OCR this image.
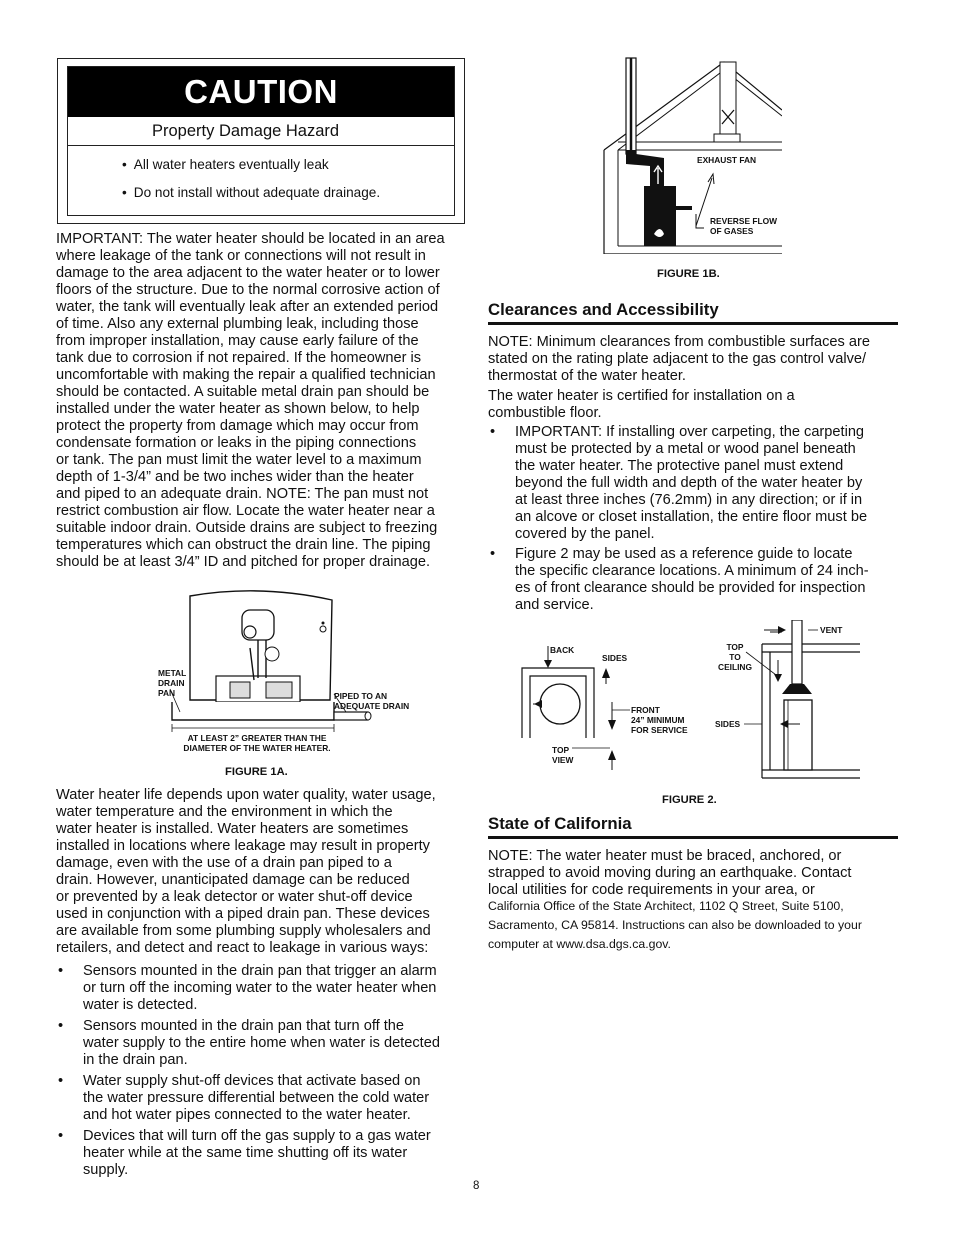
CAUTION
Property Damage Hazard
• All water heaters eventually leak
• Do not install without adequate drainage.
IMPORTANT: The water heater should be located in an area
where leakage of the tank or connections will not result in
damage to the area adjacent to the water heater or to lower
floors of the structure. Due to the normal corrosive action of
water, the tank will eventually leak after an extended period
of time. Also any external plumbing leak, including those
from improper installation, may cause early failure of the
tank due to corrosion if not repaired. If the homeowner is
uncomfortable with making the repair a qualified technician
should be contacted. A suitable metal drain pan should be
installed under the water heater as shown below, to help
protect the property from damage which may occur from
condensate formation or leaks in the piping connections
or tank. The pan must limit the water level to a maximum
depth of 1-3/4” and be two inches wider than the heater
and piped to an adequate drain. NOTE: The pan must not
restrict combustion air flow. Locate the water heater near a
suitable indoor drain. Outside drains are subject to freezing
temperatures which can obstruct the drain line. The piping
should be at least 3/4” ID and pitched for proper drainage.
METAL
DRAIN
PAN	PIPED TO AN
ADEQUATE DRAIN
AT LEAST 2” GREATER THAN THE
DIAMETER OF THE WATER HEATER.
FIGURE 1A.
Water heater life depends upon water quality, water usage,
water temperature and the environment in which the
water heater is installed. Water heaters are sometimes
installed in locations where leakage may result in property
damage, even with the use of a drain pan piped to a
drain. However, unanticipated damage can be reduced
or prevented by a leak detector or water shut-off device
used in conjunction with a piped drain pan. These devices
are available from some plumbing supply wholesalers and
retailers, and detect and react to leakage in various ways:
• Sensors mounted in the drain pan that trigger an alarm
or turn off the incoming water to the water heater when
water is detected.
• Sensors mounted in the drain pan that turn off the
water supply to the entire home when water is detected
in the drain pan.
• Water supply shut-off devices that activate based on
the water pressure differential between the cold water
and hot water pipes connected to the water heater.
• Devices that will turn off the gas supply to a gas water
heater while at the same time shutting off its water
supply.
EXHAUST FAN
REVERSE FLOW
OF GASES
FIGURE 1B.
Clearances and Accessibility
NOTE: Minimum clearances from combustible surfaces are
stated on the rating plate adjacent to the gas control valve/
thermostat of the water heater.
The water heater is certified for installation on a
combustible floor.
• IMPORTANT: If installing over carpeting, the carpeting
must be protected by a metal or wood panel beneath
the water heater. The protective panel must extend
beyond the full width and depth of the water heater by
at least three inches (76.2mm) in any direction; or if in
an alcove or closet installation, the entire floor must be
covered by the panel.
• Figure 2 may be used as a reference guide to locate
the specific clearance locations. A minimum of 24 inch-
es of front clearance should be provided for inspection
and service.
BACK
SIDES
FRONT
24” MINIMUM
FOR SERVICE
TOP
VIEW
VENT
TOP
TO
CEILING
SIDES
FIGURE 2.
State of California
NOTE: The water heater must be braced, anchored, or
strapped to avoid moving during an earthquake. Contact
local utilities for code requirements in your area, or
California Office of the State Architect, 1102 Q Street, Suite 5100,
Sacramento, CA 95814. Instructions can also be downloaded to your
computer at www.dsa.dgs.ca.gov.
8
